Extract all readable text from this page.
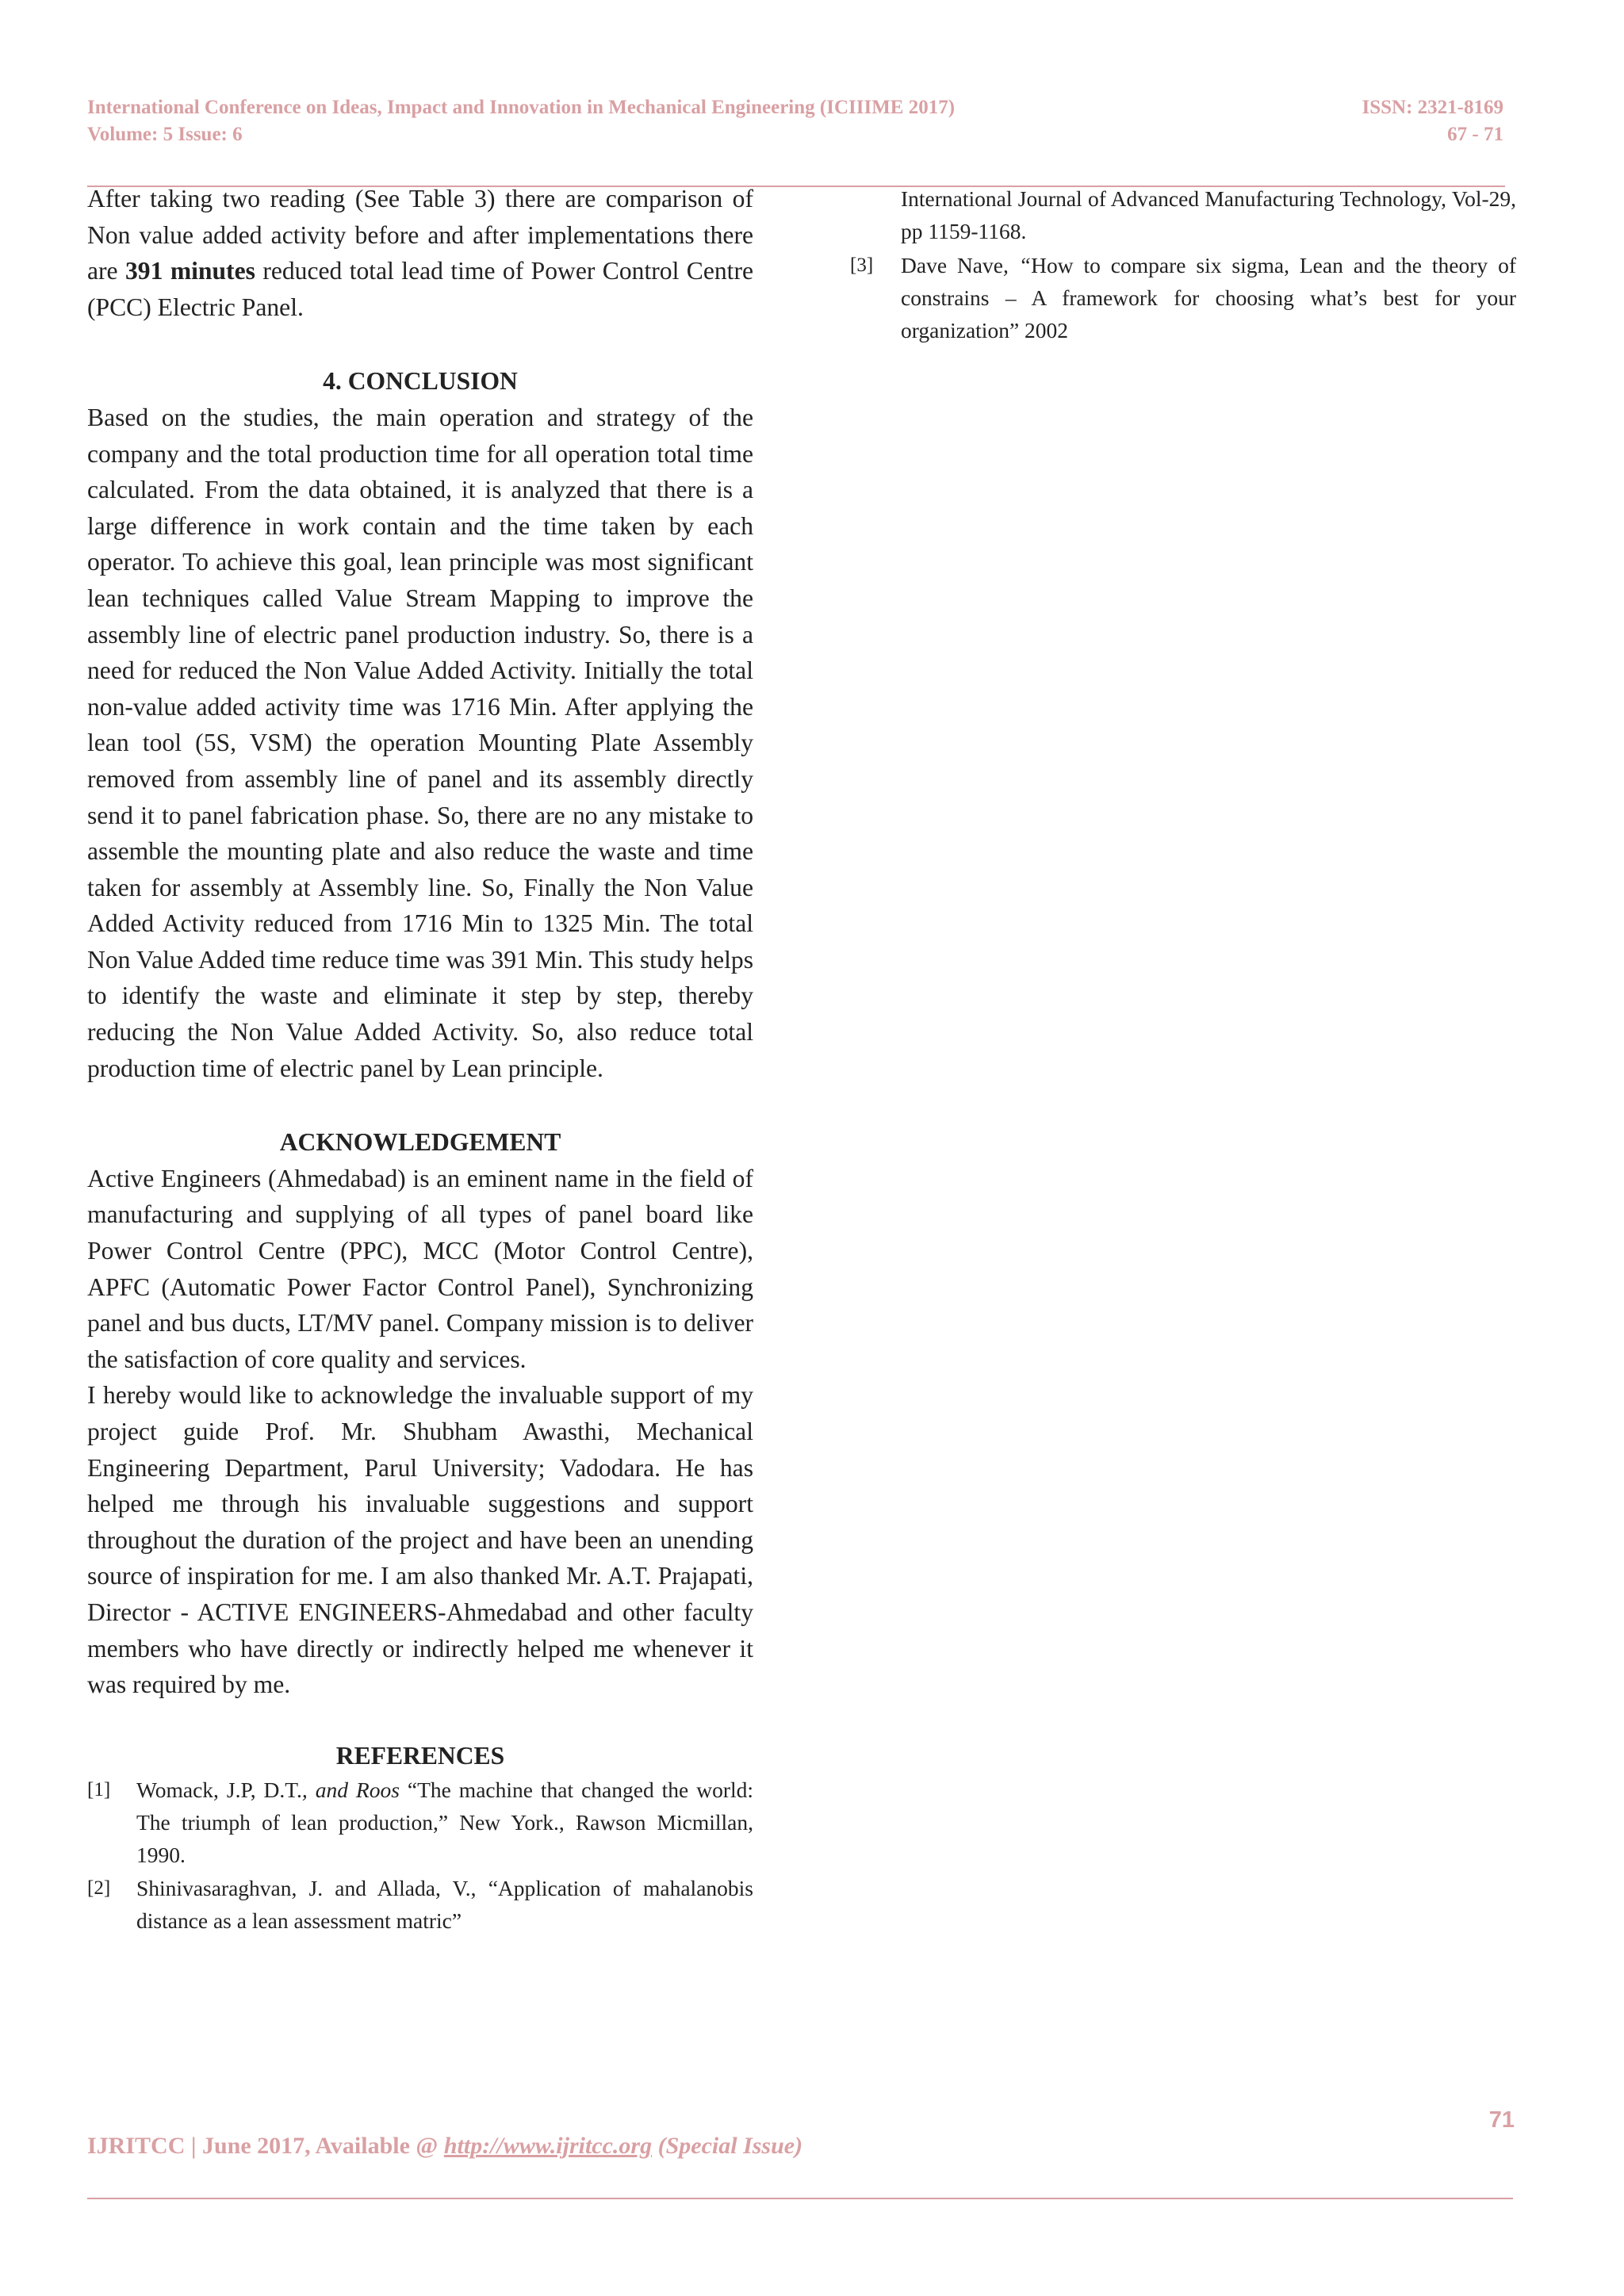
International Conference on Ideas, Impact and Innovation in Mechanical Engineering (ICIIIME 2017)
Volume: 5 Issue: 6
ISSN: 2321-8169
67 - 71

After taking two reading (See Table 3) there are comparison of Non value added activity before and after implementations there are 391 minutes reduced total lead time of Power Control Centre (PCC) Electric Panel.

4. CONCLUSION

Based on the studies, the main operation and strategy of the company and the total production time for all operation total time calculated. From the data obtained, it is analyzed that there is a large difference in work contain and the time taken by each operator. To achieve this goal, lean principle was most significant lean techniques called Value Stream Mapping to improve the assembly line of electric panel production industry. So, there is a need for reduced the Non Value Added Activity. Initially the total non-value added activity time was 1716 Min. After applying the lean tool (5S, VSM) the operation Mounting Plate Assembly removed from assembly line of panel and its assembly directly send it to panel fabrication phase. So, there are no any mistake to assemble the mounting plate and also reduce the waste and time taken for assembly at Assembly line. So, Finally the Non Value Added Activity reduced from 1716 Min to 1325 Min. The total Non Value Added time reduce time was 391 Min. This study helps to identify the waste and eliminate it step by step, thereby reducing the Non Value Added Activity. So, also reduce total production time of electric panel by Lean principle.

ACKNOWLEDGEMENT

Active Engineers (Ahmedabad) is an eminent name in the field of manufacturing and supplying of all types of panel board like Power Control Centre (PPC), MCC (Motor Control Centre), APFC (Automatic Power Factor Control Panel), Synchronizing panel and bus ducts, LT/MV panel. Company mission is to deliver the satisfaction of core quality and services.

I hereby would like to acknowledge the invaluable support of my project guide Prof. Mr. Shubham Awasthi, Mechanical Engineering Department, Parul University; Vadodara. He has helped me through his invaluable suggestions and support throughout the duration of the project and have been an unending source of inspiration for me. I am also thanked Mr. A.T. Prajapati, Director - ACTIVE ENGINEERS-Ahmedabad and other faculty members who have directly or indirectly helped me whenever it was required by me.

REFERENCES
[1] Womack, J.P, D.T., and Roos “The machine that changed the world: The triumph of lean production,” New York., Rawson Micmillan, 1990.
[2] Shinivasaraghvan, J. and Allada, V., “Application of mahalanobis distance as a lean assessment matric”
International Journal of Advanced Manufacturing Technology, Vol-29, pp 1159-1168.
[3] Dave Nave, “How to compare six sigma, Lean and the theory of constrains – A framework for choosing what’s best for your organization” 2002
71
IJRITCC | June 2017, Available @ http://www.ijritcc.org (Special Issue)
